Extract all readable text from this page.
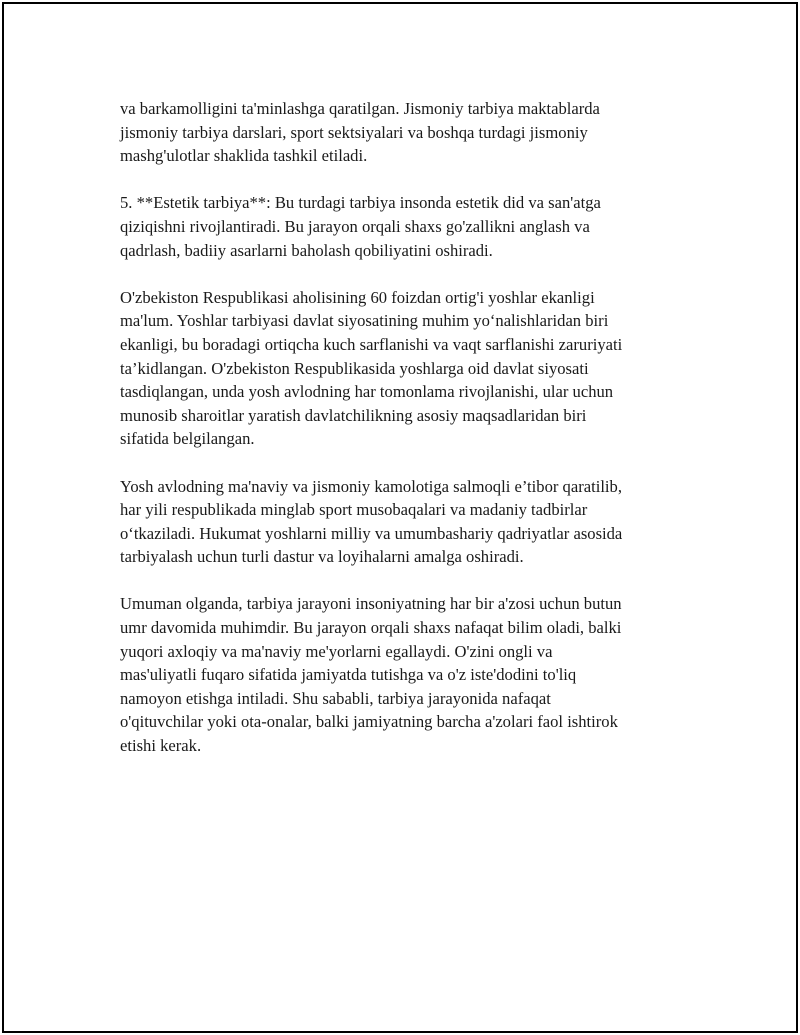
va barkamolligini ta'minlashga qaratilgan. Jismoniy tarbiya maktablarda
jismoniy tarbiya darslari, sport sektsiyalari va boshqa turdagi jismoniy
mashg'ulotlar shaklida tashkil etiladi.

5. **Estetik tarbiya**: Bu turdagi tarbiya insonda estetik did va san'atga
qiziqishni rivojlantiradi. Bu jarayon orqali shaxs go'zallikni anglash va
qadrlash, badiiy asarlarni baholash qobiliyatini oshiradi.

O'zbekiston Respublikasi aholisining 60 foizdan ortig'i yoshlar ekanligi
ma'lum. Yoshlar tarbiyasi davlat siyosatining muhim yo‘nalishlaridan biri
ekanligi, bu boradagi ortiqcha kuch sarflanishi va vaqt sarflanishi zaruriyati
ta’kidlangan. O'zbekiston Respublikasida yoshlarga oid davlat siyosati
tasdiqlangan, unda yosh avlodning har tomonlama rivojlanishi, ular uchun
munosib sharoitlar yaratish davlatchilikning asosiy maqsadlaridan biri
sifatida belgilangan.

Yosh avlodning ma'naviy va jismoniy kamolotiga salmoqli e’tibor qaratilib,
har yili respublikada minglab sport musobaqalari va madaniy tadbirlar
o‘tkaziladi. Hukumat yoshlarni milliy va umumbashariy qadriyatlar asosida
tarbiyalash uchun turli dastur va loyihalarni amalga oshiradi.

Umuman olganda, tarbiya jarayoni insoniyatning har bir a'zosi uchun butun
umr davomida muhimdir. Bu jarayon orqali shaxs nafaqat bilim oladi, balki
yuqori axloqiy va ma'naviy me'yorlarni egallaydi. O'zini ongli va
mas'uliyatli fuqaro sifatida jamiyatda tutishga va o'z iste'dodini to'liq
namoyon etishga intiladi. Shu sababli, tarbiya jarayonida nafaqat
o'qituvchilar yoki ota-onalar, balki jamiyatning barcha a'zolari faol ishtirok
etishi kerak.
